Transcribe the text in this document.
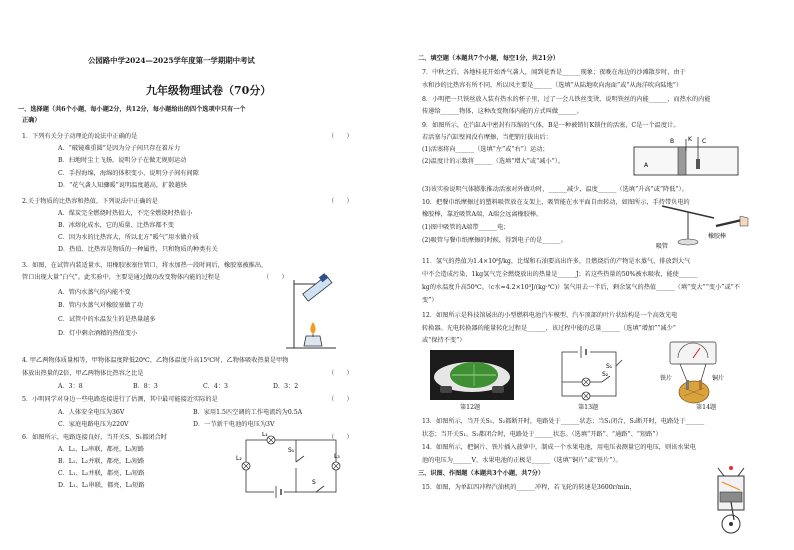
公园路中学2024—2025学年度第一学期期中考试
九年级物理试卷（70分）
一、选择题（共6个小题，每小题2分，共12分，每小题给出的四个选项中只有一个
正确）
1．下列有关分子动理论的说法中正确的是	（　　）
A．“破镜难重圆”是因为分子间只存在着斥力
B．扫地时尘土飞扬，说明分子在做无规则运动
C．手捏海绵，海绵的体积变小，说明分子间有间隙
D．“花气袭人知骤暖”说明温度越高，扩散越快
2.关于物质的比热容和热值，下列说法中正确的是	（　　）
A．煤炭完全燃烧时热值大，不完全燃烧时热值小
B．冰熔化成水，它的质量、比热容都不变
C．因为水的比热容大，所以北方“暖气”用水做介质
D．热值、比热容是物质的一种属性，只和物质的种类有关
3．如图，在试管内装适量水，用橡胶塞塞住管口，将水加热一段时间后，橡胶塞被推出，
管口出现大量“白气”。此实验中，主要是通过做功改变物体内能的过程是	（　　）
A．管内水蒸气的内能不变
B．管内水蒸气对橡胶塞做了功
C．试管中的水温发生的是热量越多
D．灯中剩余酒精的热值变小
4. 甲乙两物体质量相等，甲物体温度降低20℃，乙物体温度升高15℃时，乙物体吸收热量是甲物
体放出热量的2倍，甲乙两物体比热容之比是	（　　）
A．3：8	B．8：3	C．4：3	D．3：2
5．小明同学对身边一些电路连接进行了估测，其中最可能接近实际的是	（　　）
A．人体安全电压为36V	B．家用1.5匹空调的工作电流约为0.5A
C．家庭电路电压为220V	D．一节新干电池的电压为3V
6．如图所示，电路连接良好，当开关S、S₁都闭合时	（　　）
A．L₁、L₂串联，都亮，L₃短路
B．L₁、L₂并联，都亮，L₃短路
C．L₁、L₂并联，都亮，L₃短路
D．L₁、L₂串联，都亮，L₃短路
S₁
S
L₁
L₂	L₃
二、填空题（本题共7个小题，每空1分，共21分）
7．中秋之后，各地桂花开始香气袭人，闻到花香是______现象；夜晚在海边的沙滩散步时，由于
水和沙的比热容有所不同，所以风主要是______（选填“从陆地吹向海面”或“从海洋吹向陆地”）
8．小明把一只铁丝放入装有热水的杯子里，过了一会儿铁丝变烫，说明铁丝的内能______，而热水的内能
传递给______物体，这种改变物体内能的方式叫做______。
9．如图所示，在汽缸A中密封有压缩的气体，B是一种被销钉K锁住的活塞，C是一个温度计。
若活塞与汽缸壁间没有摩擦，当把销钉拔出后：
(1)活塞将向______（选填“左”或“右”）运动；
(2)温度计的示数将______（选填“增大”或“减小”）。
A
B K C
(3)该实验说明气体膨胀推动活塞对外做功时，______减少，温度______（选填“升高”或“降低”）。
10．把餐巾纸摩擦过的塑料吸管放在支架上，吸管能在水平面自由转动，如图所示，手持带负电的
橡胶棒，靠近吸管A端，A端会远离橡胶棒。
(1)图中吸管的A端带______电；
(2)吸管与餐巾纸摩擦的时候，得到电子的是______。
吸管
橡胶棒
11．氢气的热值为1.4×10⁸J/kg，比煤和石油要高出许多，且燃烧后的产物是水蒸气，排放到大气
中不会造成污染，1kg氢气完全燃烧放出的热量是______J；若这些热量的50%被水吸收，能使______
kg的水温度升高50℃。（c水=4.2×10³J/(kg·℃)）氢气用去一半后，剩余氢气的热值______（填“变大”“变小”或“不
变”）
12．如图所示是科技馆展出的小型燃料电池汽车模型，汽车顶部的叶片状结构是一个高效光电
转换器。光电转换器的能量转化过程是______，该过程中能的总量______（选填“增加”“减少”
或“保持不变”）
第12题
S₁
S₂
第13题
铁片	铜片
第14题
13．如图所示，当开关S₁、S₂都断开时，电路处于______状态；当S₁闭合，S₂断开时，电路处于______
状态；当开关S₁、S₂都闭合时，电路处于______状态。（选填“开路”、“通路”、“短路”）
14．如图所示，把铜片、铁片插入菠萝中，制成一个水果电池，用电压表测量它的电压，则该水果电
池的电压为______V，水果电池的正极是______（选填“铜片”或“铁片”）。
三、识图、作图题（本题共3个小题，共7分）
15．如图，为单缸四冲程汽油机的______冲程，若飞轮的转速是3600r/min，
